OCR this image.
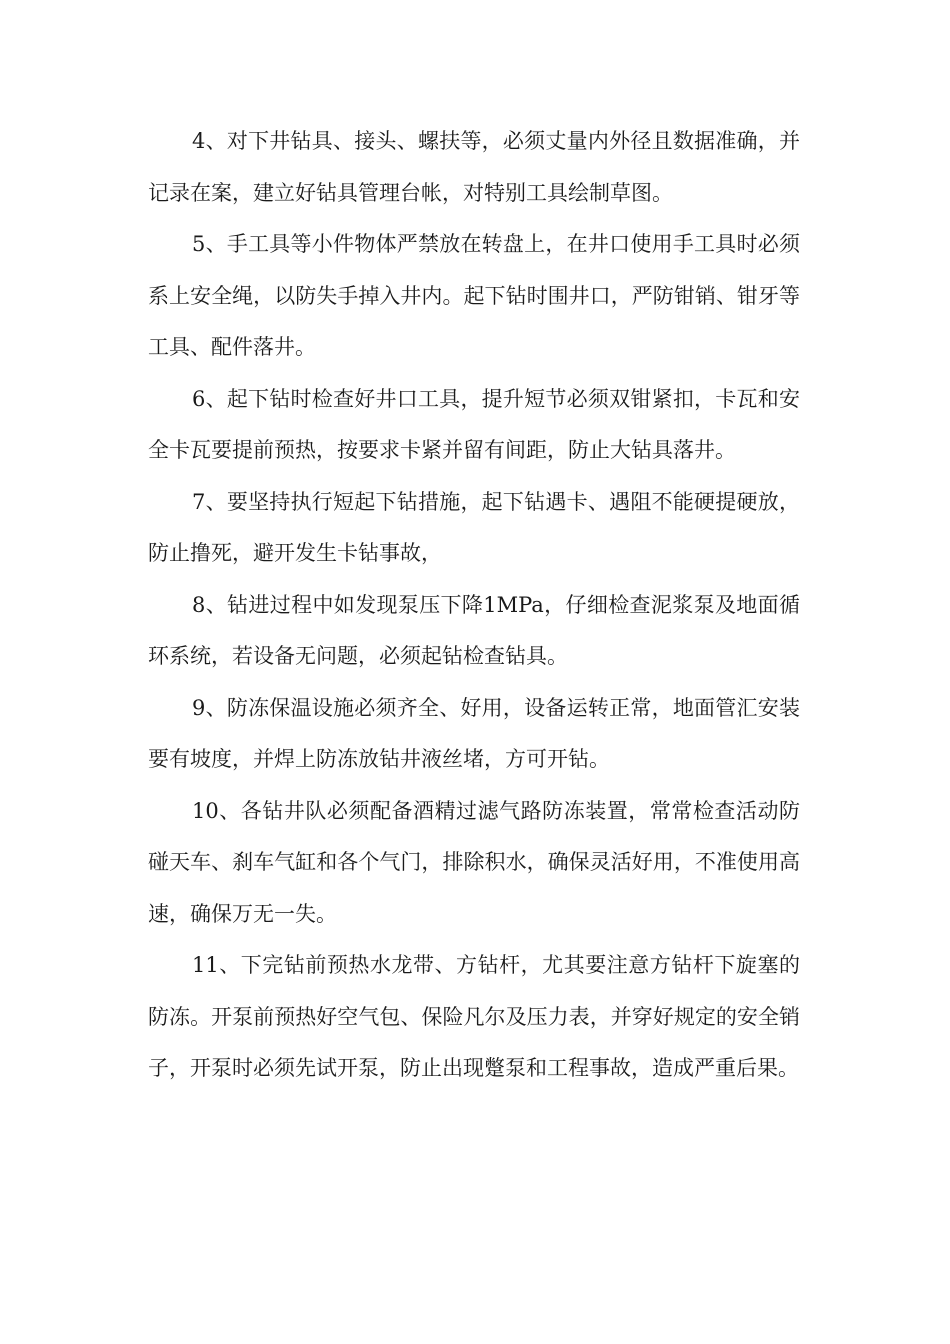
4、对下井钻具、接头、螺扶等，必须丈量内外径且数据准确，并记录在案，建立好钻具管理台帐，对特别工具绘制草图。

5、手工具等小件物体严禁放在转盘上，在井口使用手工具时必须系上安全绳，以防失手掉入井内。起下钻时围井口，严防钳销、钳牙等工具、配件落井。

6、起下钻时检查好井口工具，提升短节必须双钳紧扣，卡瓦和安全卡瓦要提前预热，按要求卡紧并留有间距，防止大钻具落井。

7、要坚持执行短起下钻措施，起下钻遇卡、遇阻不能硬提硬放，防止撸死，避开发生卡钻事故，

8、钻进过程中如发现泵压下降1MPa，仔细检查泥浆泵及地面循环系统，若设备无问题，必须起钻检查钻具。

9、防冻保温设施必须齐全、好用，设备运转正常，地面管汇安装要有坡度，并焊上防冻放钻井液丝堵，方可开钻。

10、各钻井队必须配备酒精过滤气路防冻装置，常常检查活动防碰天车、刹车气缸和各个气门，排除积水，确保灵活好用，不准使用高速，确保万无一失。

11、下完钻前预热水龙带、方钻杆，尤其要注意方钻杆下旋塞的防冻。开泵前预热好空气包、保险凡尔及压力表，并穿好规定的安全销子，开泵时必须先试开泵，防止出现蹩泵和工程事故，造成严重后果。
